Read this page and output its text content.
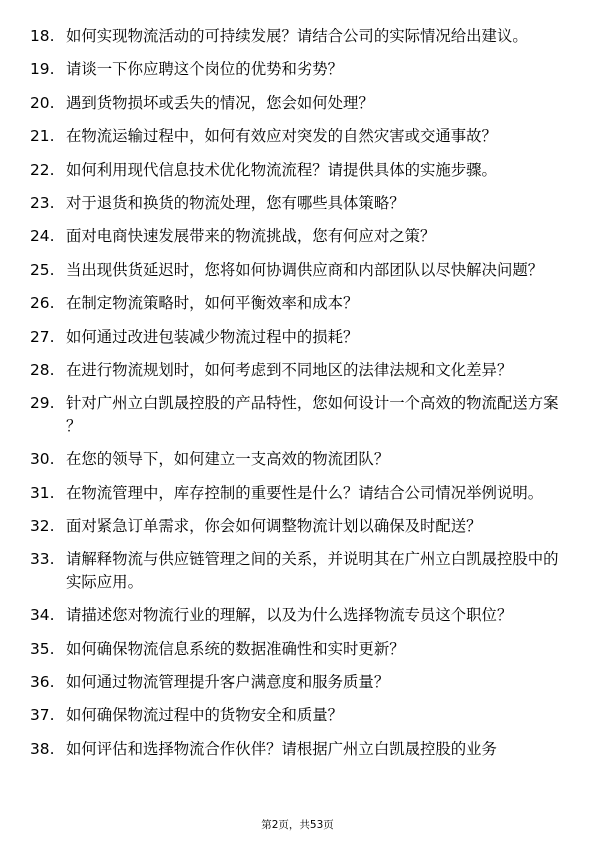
18. 如何实现物流活动的可持续发展？请结合公司的实际情况给出建议。
19. 请谈一下你应聘这个岗位的优势和劣势？
20. 遇到货物损坏或丢失的情况，您会如何处理？
21. 在物流运输过程中，如何有效应对突发的自然灾害或交通事故？
22. 如何利用现代信息技术优化物流流程？请提供具体的实施步骤。
23. 对于退货和换货的物流处理，您有哪些具体策略？
24. 面对电商快速发展带来的物流挑战，您有何应对之策？
25. 当出现供货延迟时，您将如何协调供应商和内部团队以尽快解决问题？
26. 在制定物流策略时，如何平衡效率和成本？
27. 如何通过改进包装减少物流过程中的损耗？
28. 在进行物流规划时，如何考虑到不同地区的法律法规和文化差异？
29. 针对广州立白凯晟控股的产品特性，您如何设计一个高效的物流配送方案？
30. 在您的领导下，如何建立一支高效的物流团队？
31. 在物流管理中，库存控制的重要性是什么？请结合公司情况举例说明。
32. 面对紧急订单需求，你会如何调整物流计划以确保及时配送？
33. 请解释物流与供应链管理之间的关系，并说明其在广州立白凯晟控股中的实际应用。
34. 请描述您对物流行业的理解，以及为什么选择物流专员这个职位？
35. 如何确保物流信息系统的数据准确性和实时更新？
36. 如何通过物流管理提升客户满意度和服务质量？
37. 如何确保物流过程中的货物安全和质量？
38. 如何评估和选择物流合作伙伴？请根据广州立白凯晟控股的业务
第2页，共53页
